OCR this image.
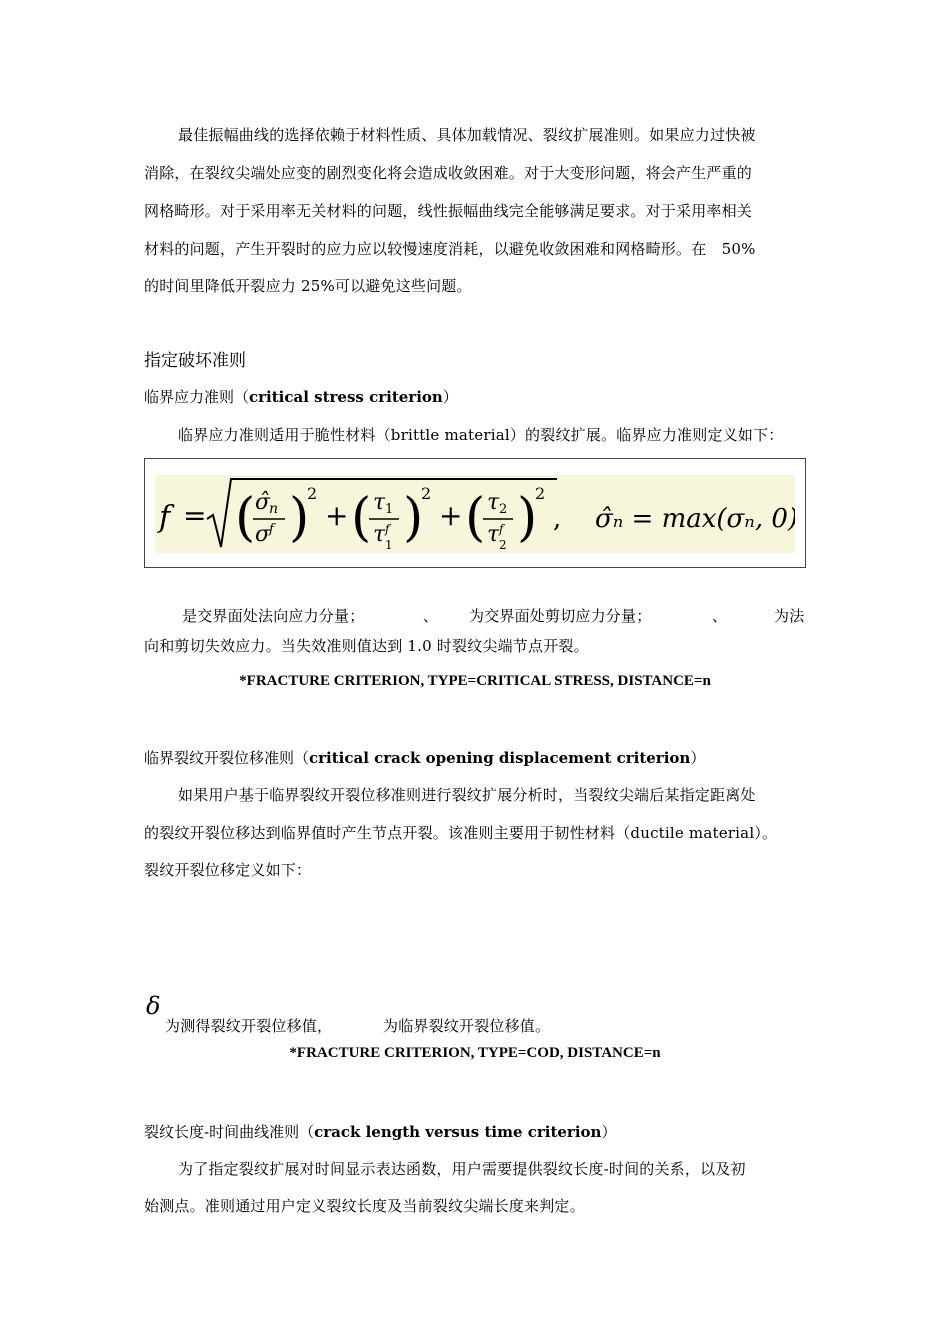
最佳振幅曲线的选择依赖于材料性质、具体加载情况、裂纹扩展准则。如果应力过快被
消除，在裂纹尖端处应变的剧烈变化将会造成收敛困难。对于大变形问题，将会产生严重的
网格畸形。对于采用率无关材料的问题，线性振幅曲线完全能够满足要求。对于采用率相关
材料的问题，产生开裂时的应力应以较慢速度消耗，以避免收敛困难和网格畸形。在　50%
的时间里降低开裂应力 25%可以避免这些问题。
指定破坏准则
临界应力准则（critical stress criterion）
临界应力准则适用于脆性材料（brittle material）的裂纹扩展。临界应力准则定义如下：
f = ( σ̂
n
σ
f )
2
+ ( τ 1
τ f
1 )
2
+ ( τ 2
τ f
2 )
2
, σ̂ₙ = max(σₙ, 0),
是交界面处法向应力分量；	、 为交界面处剪切应力分量；	、	为法
向和剪切失效应力。当失效准则值达到 1.0 时裂纹尖端节点开裂。
*FRACTURE CRITERION, TYPE=CRITICAL STRESS, DISTANCE=n
临界裂纹开裂位移准则（critical crack opening displacement criterion）
如果用户基于临界裂纹开裂位移准则进行裂纹扩展分析时，当裂纹尖端后某指定距离处
的裂纹开裂位移达到临界值时产生节点开裂。该准则主要用于韧性材料（ductile material）。
裂纹开裂位移定义如下：
δ
为测得裂纹开裂位移值，	为临界裂纹开裂位移值。
*FRACTURE CRITERION, TYPE=COD, DISTANCE=n
裂纹长度-时间曲线准则（crack length versus time criterion）
为了指定裂纹扩展对时间显示表达函数，用户需要提供裂纹长度-时间的关系，以及初
始测点。准则通过用户定义裂纹长度及当前裂纹尖端长度来判定。
